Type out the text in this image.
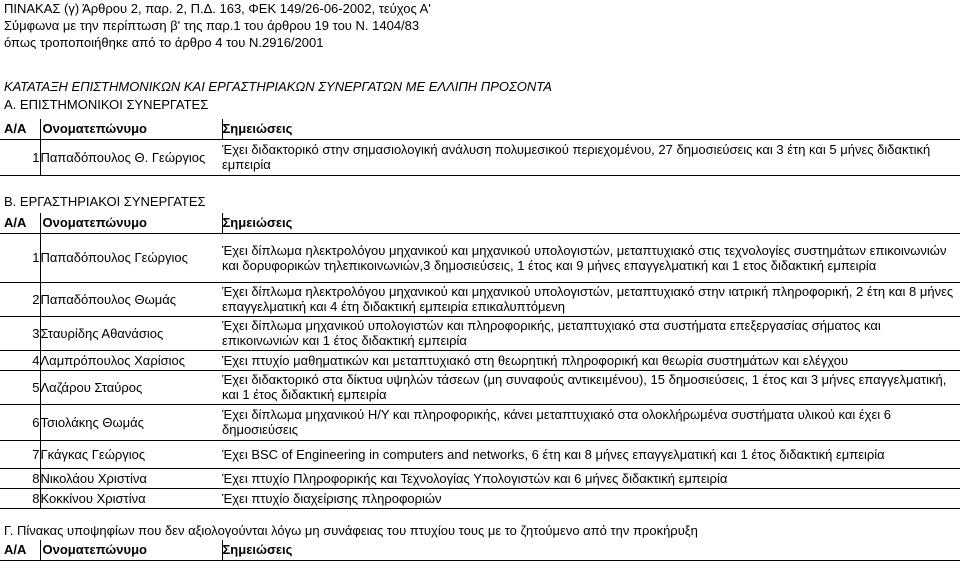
ΠΙΝΑΚΑΣ (γ) Άρθρου 2, παρ. 2, Π.Δ. 163, ΦΕΚ 149/26-06-2002, τεύχος Α'
Σύμφωνα με την περίπτωση β' της παρ.1 του άρθρου 19 του Ν. 1404/83
όπως τροποποιήθηκε από το άρθρο 4 του Ν.2916/2001
ΚΑΤΑΤΑΞΗ ΕΠΙΣΤΗΜΟΝΙΚΩΝ ΚΑΙ ΕΡΓΑΣΤΗΡΙΑΚΩΝ ΣΥΝΕΡΓΑΤΩΝ ΜΕ ΕΛΛΙΠΗ ΠΡΟΣΟΝΤΑ
Α. ΕΠΙΣΤΗΜΟΝΙΚΟΙ ΣΥΝΕΡΓΑΤΕΣ
Α/Α	Ονοματεπώνυμο	Σημειώσεις
1	Παπαδόπουλος Θ. Γεώργιος	Έχει διδακτορικό στην σημασιολογική ανάλυση πολυμεσικού περιεχομένου, 27 δημοσιεύσεις και 3 έτη και 5 μήνες διδακτική εμπειρία
Β. ΕΡΓΑΣΤΗΡΙΑΚΟΙ ΣΥΝΕΡΓΑΤΕΣ
Α/Α	Ονοματεπώνυμο	Σημειώσεις
1	Παπαδόπουλος Γεώργιος	Έχει δίπλωμα ηλεκτρολόγου μηχανικού και μηχανικού υπολογιστών, μεταπτυχιακό στις τεχνολογίες συστημάτων επικοινωνιών και δορυφορικών τηλεπικοινωνιών,3 δημοσιεύσεις, 1 έτος και 9 μήνες επαγγελματική και 1 ετος διδακτική εμπειρία
2	Παπαδόπουλος Θωμάς	Έχει δίπλωμα ηλεκτρολόγου μηχανικού και μηχανικού υπολογιστών, μεταπτυχιακό στην ιατρική πληροφορική, 2 έτη και 8 μήνες επαγγελματική και 4 έτη διδακτική εμπειρία επικαλυπτόμενη
3	Σταυρίδης Αθανάσιος	Έχει δίπλωμα μηχανικού υπολογιστών και πληροφορικής, μεταπτυχιακό στα συστήματα επεξεργασίας σήματος και επικοινωνιών και 1 έτος διδακτική εμπειρία
4	Λαμπρόπουλος Χαρίσιος	Έχει πτυχίο μαθηματικών και μεταπτυχιακό στη θεωρητική πληροφορική και θεωρία συστημάτων και ελέγχου
5	Λαζάρου Σταύρος	Έχει διδακτορικό στα δίκτυα υψηλών τάσεων (μη συναφούς αντικειμένου), 15 δημοσιεύσεις, 1 έτος και 3 μήνες επαγγελματική, και 1 έτος διδακτική εμπειρία
6	Τσιολάκης Θωμάς	Έχει δίπλωμα μηχανικού Η/Υ και πληροφορικής, κάνει μεταπτυχιακό στα ολοκλήρωμένα συστήματα υλικού και έχει 6 δημοσιεύσεις
7	Γκάγκας Γεώργιος	Έχει BSC of Engineering in computers and networks, 6 έτη και 8 μήνες επαγγελματική και 1 έτος διδακτική εμπειρία
8	Νικολάου Χριστίνα	Έχει πτυχίο Πληροφορικής και Τεχνολογίας Υπολογιστών και 6 μήνες διδακτική εμπειρία
8	Κοκκίνου Χριστίνα	Έχει πτυχίο διαχείρισης πληροφοριών
Γ. Πίνακας υποψηφίων που δεν αξιολογούνται λόγω μη συνάφειας του πτυχίου τους με το ζητούμενο από την προκήρυξη
Α/Α	Ονοματεπώνυμο	Σημειώσεις
